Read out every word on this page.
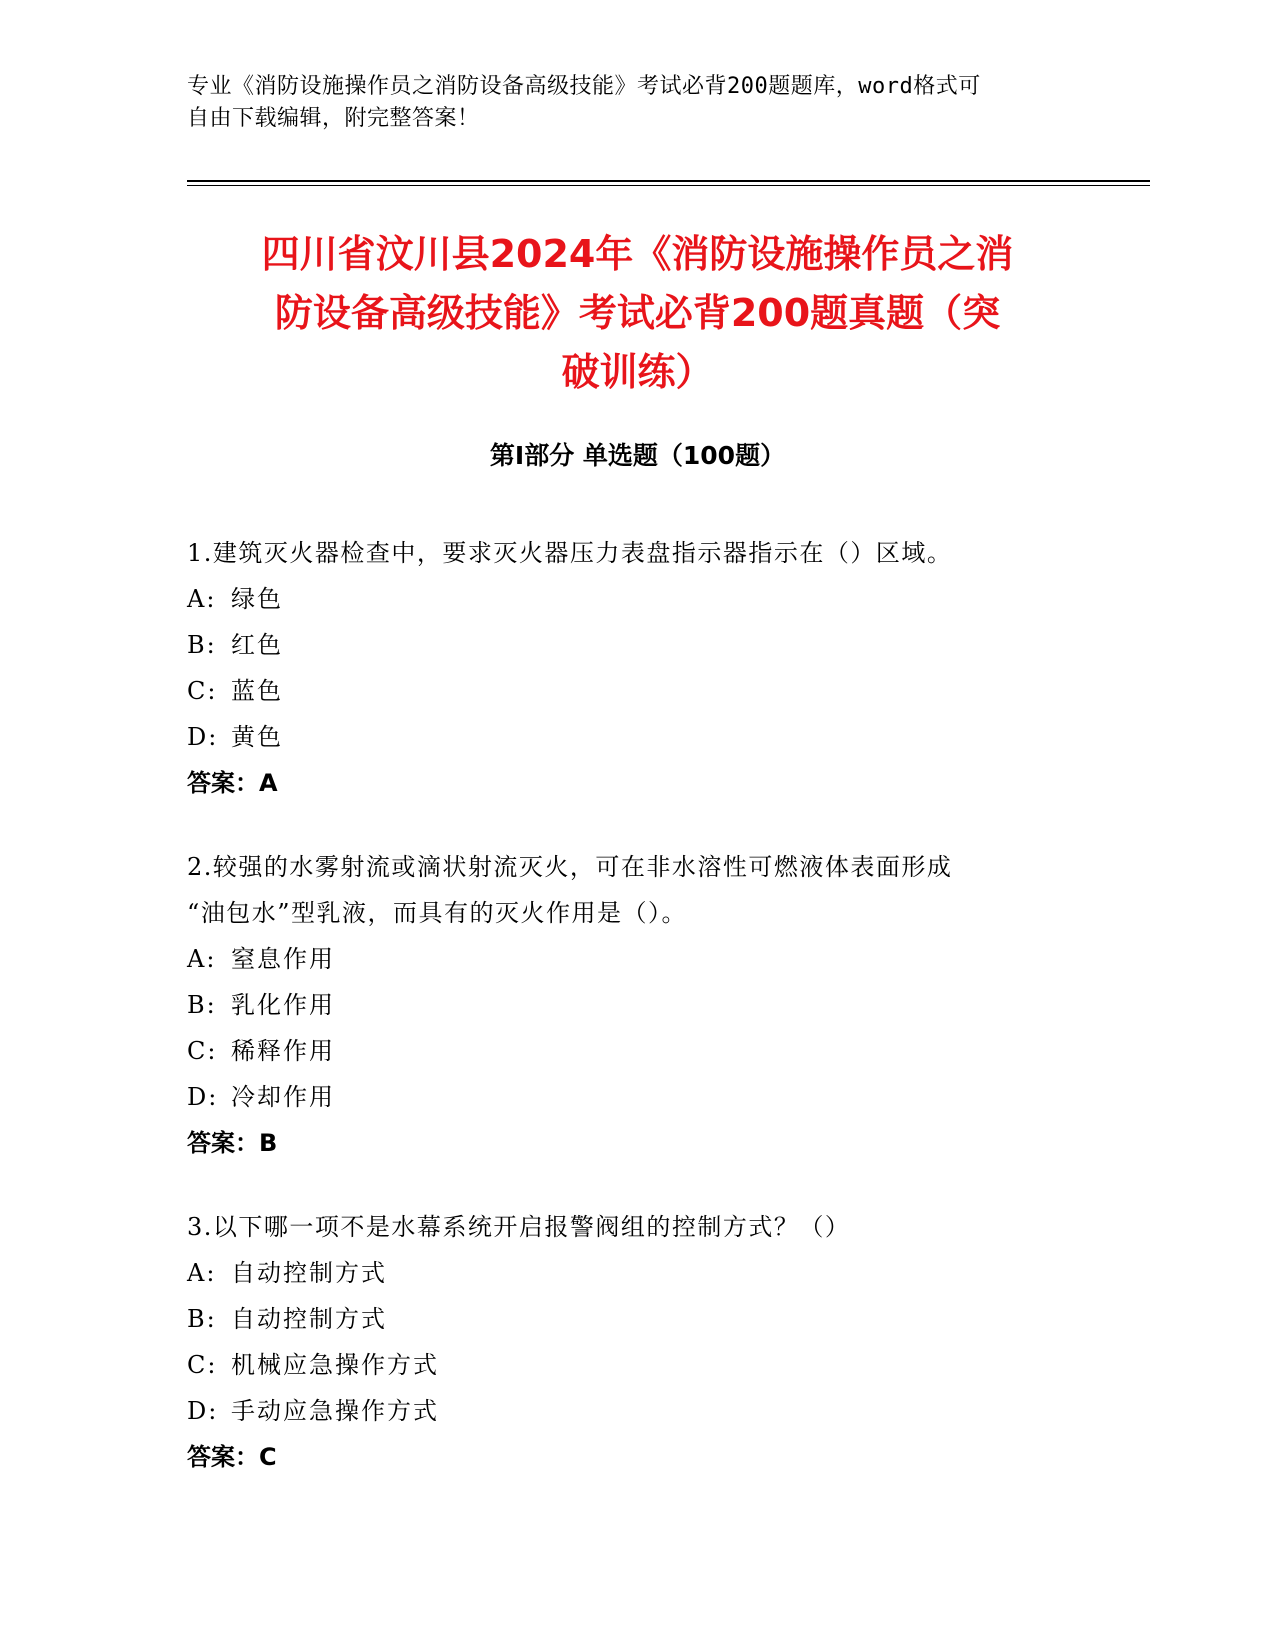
专业《消防设施操作员之消防设备高级技能》考试必背200题题库，word格式可
自由下载编辑，附完整答案！
四川省汶川县2024年《消防设施操作员之消
防设备高级技能》考试必背200题真题（突
破训练）
第Ⅰ部分 单选题（100题）
1.建筑灭火器检查中，要求灭火器压力表盘指示器指示在（）区域。
A: 绿色
B: 红色
C: 蓝色
D: 黄色
答案：A
2.较强的水雾射流或滴状射流灭火，可在非水溶性可燃液体表面形成
“油包水”型乳液，而具有的灭火作用是（）。
A: 窒息作用
B: 乳化作用
C: 稀释作用
D: 冷却作用
答案：B
3.以下哪一项不是水幕系统开启报警阀组的控制方式？（）
A: 自动控制方式
B: 自动控制方式
C: 机械应急操作方式
D: 手动应急操作方式
答案：C
